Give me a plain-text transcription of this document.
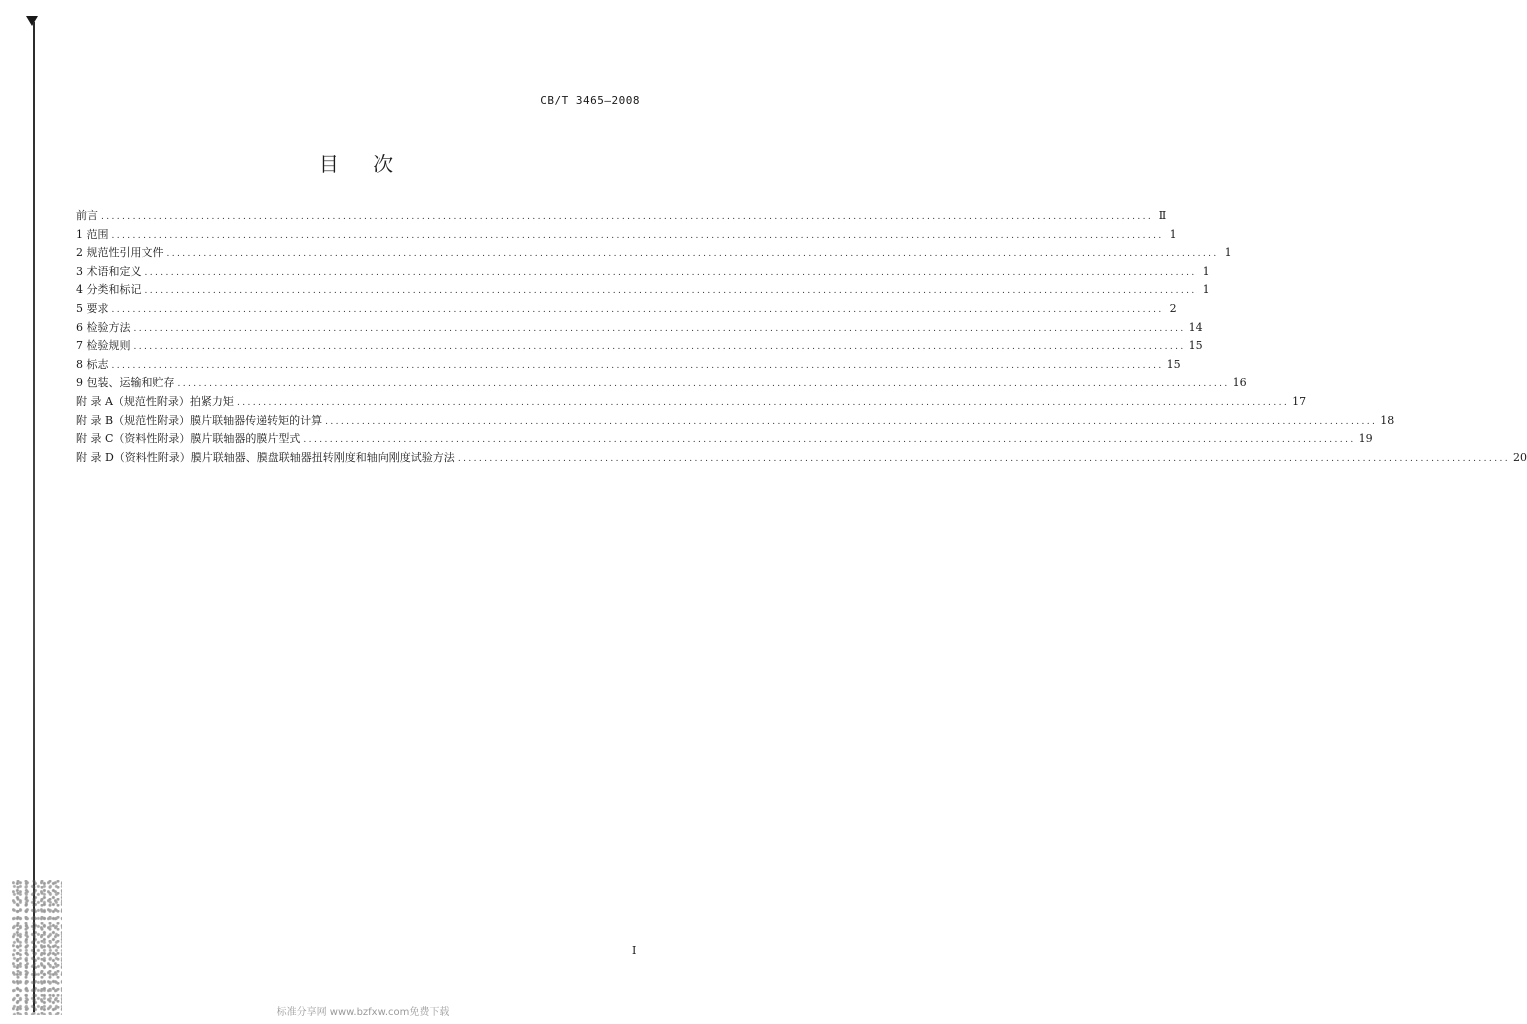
CB/T 3465—2008
目 次
前言 ........................................................................................................................................................................................................ Ⅱ
1 范围 ........................................................................................................................................................................................................ 1
2 规范性引用文件 ........................................................................................................................................................................................................ 1
3 术语和定义 ........................................................................................................................................................................................................ 1
4 分类和标记 ........................................................................................................................................................................................................ 1
5 要求 ........................................................................................................................................................................................................ 2
6 检验方法 ........................................................................................................................................................................................................ 14
7 检验规则 ........................................................................................................................................................................................................ 15
8 标志 ........................................................................................................................................................................................................ 15
9 包装、运输和贮存 ........................................................................................................................................................................................................ 16
附 录 A（规范性附录）拍紧力矩 ........................................................................................................................................................................................................ 17
附 录 B（规范性附录）膜片联轴器传递转矩的计算 ........................................................................................................................................................................................................ 18
附 录 C（资料性附录）膜片联轴器的膜片型式 ........................................................................................................................................................................................................ 19
附 录 D（资料性附录）膜片联轴器、膜盘联轴器扭转刚度和轴向刚度试验方法 ........................................................................................................................................................................................................ 20
I
标准分享网 www.bzfxw.com免费下载
